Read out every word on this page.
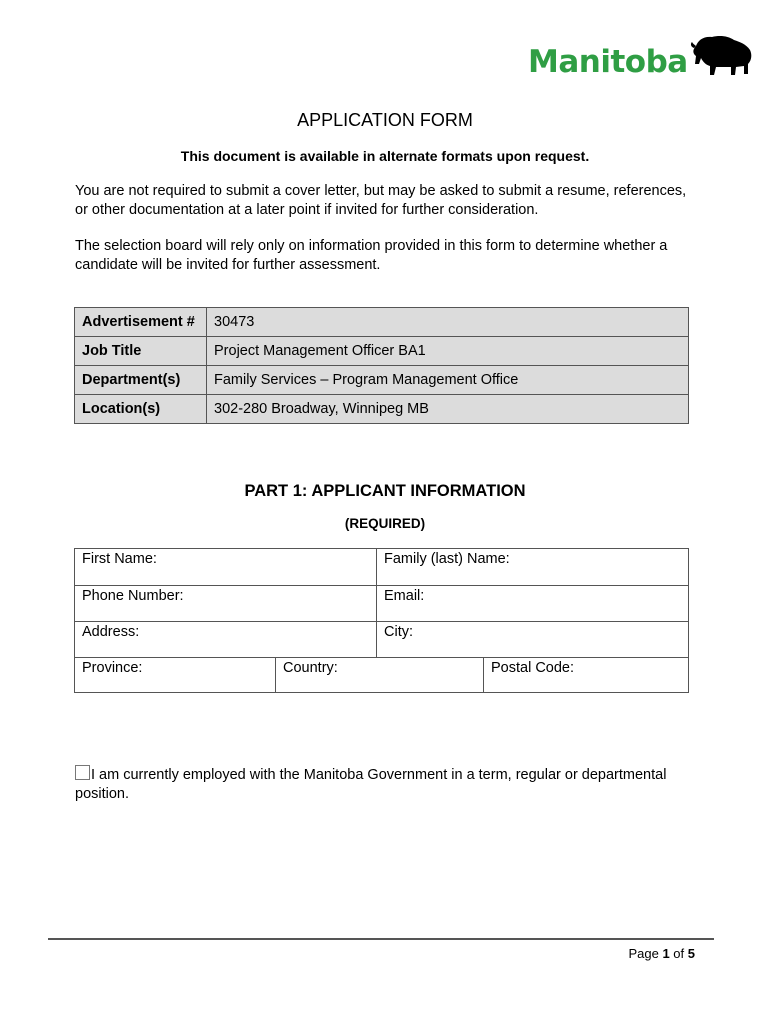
Manitoba
APPLICATION FORM
This document is available in alternate formats upon request.
You are not required to submit a cover letter, but may be asked to submit a resume, references, or other documentation at a later point if invited for further consideration.
The selection board will rely only on information provided in this form to determine whether a candidate will be invited for further assessment.
Advertisement #	30473
Job Title	Project Management Officer BA1
Department(s)	Family Services – Program Management Office
Location(s)	302-280 Broadway, Winnipeg MB
PART 1: APPLICANT INFORMATION
(REQUIRED)
First Name:	Family (last) Name:
Phone Number:	Email:
Address:	City:
Province:	Country:	Postal Code:
I am currently employed with the Manitoba Government in a term, regular or departmental position.
Page 1 of 5
